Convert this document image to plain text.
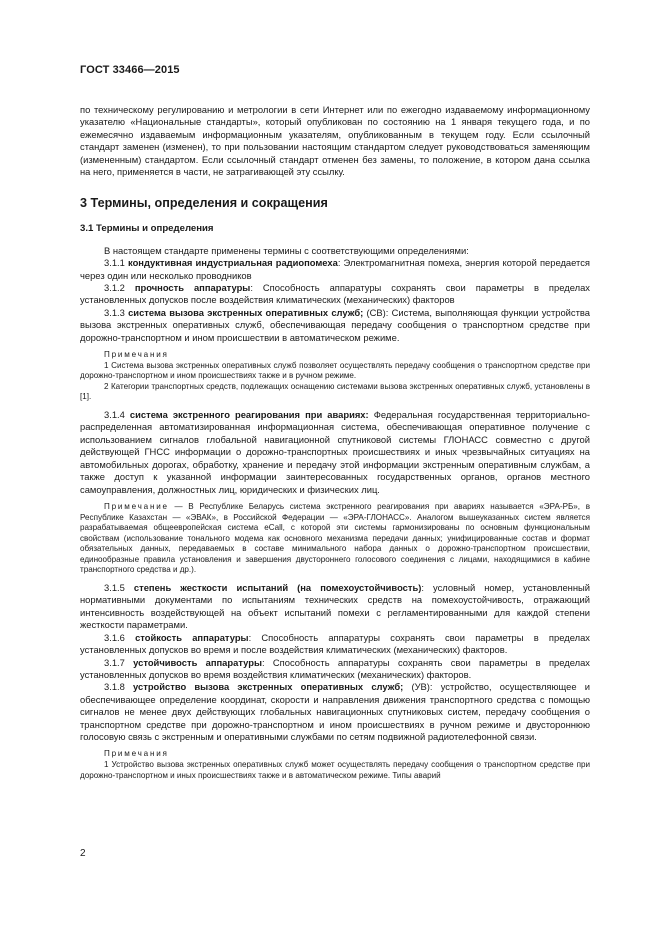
ГОСТ 33466—2015

по техническому регулированию и метрологии в сети Интернет или по ежегодно издаваемому информационному указателю «Национальные стандарты», который опубликован по состоянию на 1 января текущего года, и по ежемесячно издаваемым информационным указателям, опубликованным в текущем году. Если ссылочный стандарт заменен (изменен), то при пользовании настоящим стандартом следует руководствоваться заменяющим (измененным) стандартом. Если ссылочный стандарт отменен без замены, то положение, в котором дана ссылка на него, применяется в части, не затрагивающей эту ссылку.

3 Термины, определения и сокращения
3.1 Термины и определения

В настоящем стандарте применены термины с соответствующими определениями:

3.1.1 кондуктивная индустриальная радиопомеха: Электромагнитная помеха, энергия которой передается через один или несколько проводников

3.1.2 прочность аппаратуры: Способность аппаратуры сохранять свои параметры в пределах установленных допусков после воздействия климатических (механических) факторов

3.1.3 система вызова экстренных оперативных служб; (СВ): Система, выполняющая функции устройства вызова экстренных оперативных служб, обеспечивающая передачу сообщения о транспортном средстве при дорожно-транспортном и ином происшествии в автоматическом режиме.

Примечания

1 Система вызова экстренных оперативных служб позволяет осуществлять передачу сообщения о транспортном средстве при дорожно-транспортном и ином происшествиях также и в ручном режиме.

2 Категории транспортных средств, подлежащих оснащению системами вызова экстренных оперативных служб, установлены в [1].

3.1.4 система экстренного реагирования при авариях: Федеральная государственная территориально-распределенная автоматизированная информационная система, обеспечивающая оперативное получение с использованием сигналов глобальной навигационной спутниковой системы ГЛОНАСС совместно с другой действующей ГНСС информации о дорожно-транспортных происшествиях и иных чрезвычайных ситуациях на автомобильных дорогах, обработку, хранение и передачу этой информации экстренным оперативным службам, а также доступ к указанной информации заинтересованных государственных органов, органов местного самоуправления, должностных лиц, юридических и физических лиц.

Примечание — В Республике Беларусь система экстренного реагирования при авариях называется «ЭРА-РБ», в Республике Казахстан — «ЭВАК», в Российской Федерации — «ЭРА-ГЛОНАСС». Аналогом вышеуказанных систем является разрабатываемая общеевропейская система eCall, с которой эти системы гармонизированы по основным функциональным свойствам (использование тонального модема как основного механизма передачи данных; унифицированные состав и формат обязательных данных, передаваемых в составе минимального набора данных о дорожно-транспортном происшествии, единообразные правила установления и завершения двустороннего голосового соединения с лицами, находящимися в кабине транспортного средства и др.).

3.1.5 степень жесткости испытаний (на помехоустойчивость): условный номер, установленный нормативными документами по испытаниям технических средств на помехоустойчивость, отражающий интенсивность воздействующей на объект испытаний помехи с регламентированными для каждой степени жесткости параметрами.

3.1.6 стойкость аппаратуры: Способность аппаратуры сохранять свои параметры в пределах установленных допусков во время и после воздействия климатических (механических) факторов.

3.1.7 устойчивость аппаратуры: Способность аппаратуры сохранять свои параметры в пределах установленных допусков во время воздействия климатических (механических) факторов.

3.1.8 устройство вызова экстренных оперативных служб; (УВ): устройство, осуществляющее и обеспечивающее определение координат, скорости и направления движения транспортного средства с помощью сигналов не менее двух действующих глобальных навигационных спутниковых систем, передачу сообщения о транспортном средстве при дорожно-транспортном и ином происшествиях в ручном режиме и двустороннюю голосовую связь с экстренным и оперативными службами по сетям подвижной радиотелефонной связи.

Примечания

1 Устройство вызова экстренных оперативных служб может осуществлять передачу сообщения о транспортном средстве при дорожно-транспортном и иных происшествиях также и в автоматическом режиме. Типы аварий

2
